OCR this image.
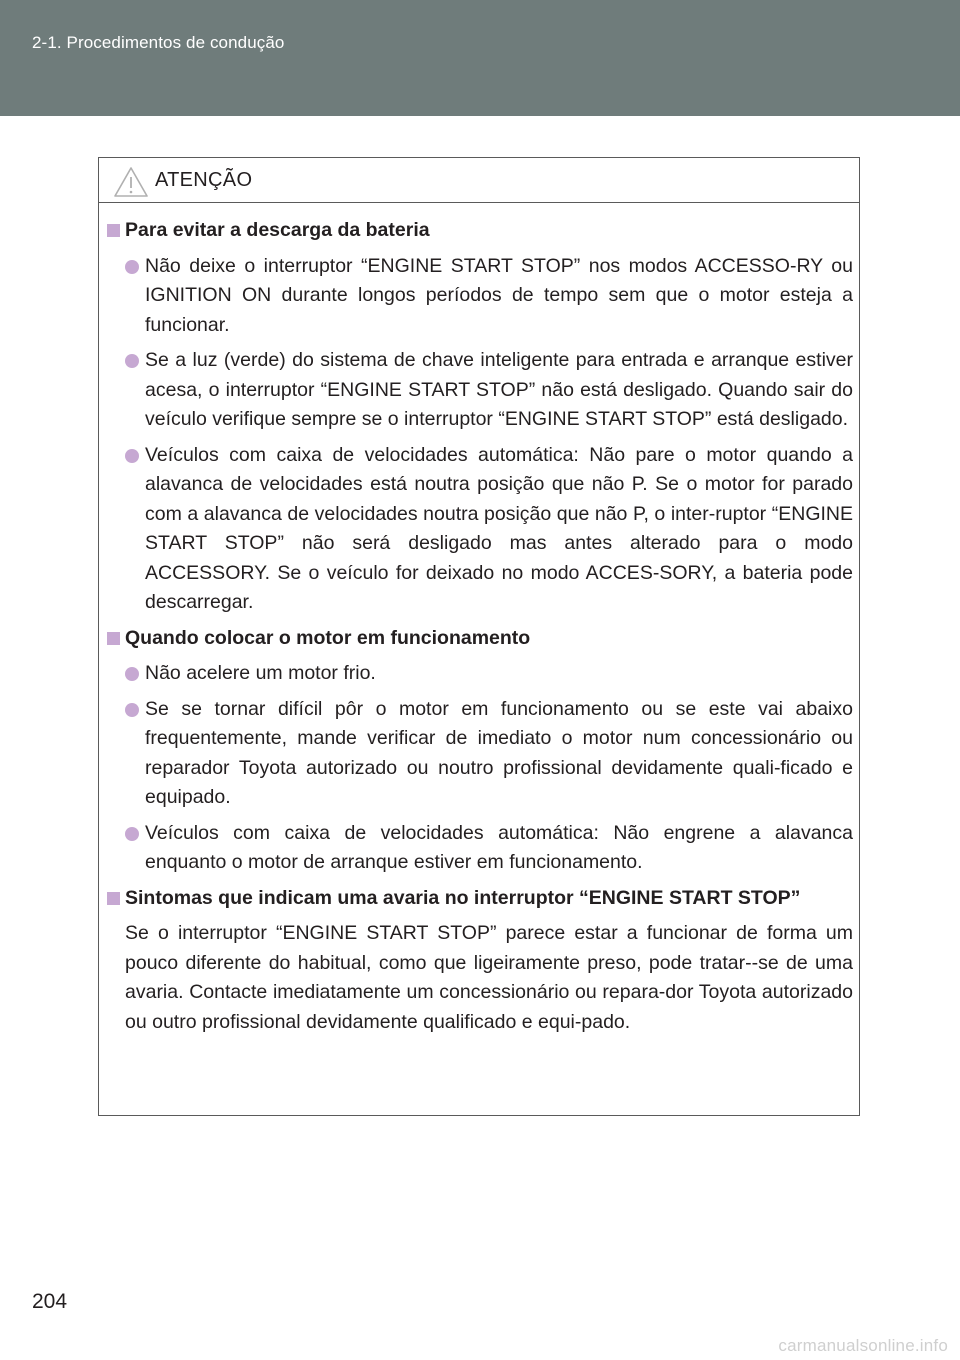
2-1. Procedimentos de condução
ATENÇÃO
Para evitar a descarga da bateria
Não deixe o interruptor “ENGINE START STOP” nos modos ACCESSO-RY ou IGNITION ON durante longos períodos de tempo sem que o motor esteja a funcionar.
Se a luz (verde) do sistema de chave inteligente para entrada e arranque estiver acesa, o interruptor “ENGINE START STOP” não está desligado. Quando sair do veículo verifique sempre se o interruptor “ENGINE START STOP” está desligado.
Veículos com caixa de velocidades automática: Não pare o motor quando a alavanca de velocidades está noutra posição que não P. Se o motor for parado com a alavanca de velocidades noutra posição que não P, o inter-ruptor “ENGINE START STOP” não será desligado mas antes alterado para o modo ACCESSORY. Se o veículo for deixado no modo ACCES-SORY, a bateria pode descarregar.
Quando colocar o motor em funcionamento
Não acelere um motor frio.
Se se tornar difícil pôr o motor em funcionamento ou se este vai abaixo frequentemente, mande verificar de imediato o motor num concessionário ou reparador Toyota autorizado ou noutro profissional devidamente quali-ficado e equipado.
Veículos com caixa de velocidades automática: Não engrene a alavanca enquanto o motor de arranque estiver em funcionamento.
Sintomas que indicam uma avaria no interruptor “ENGINE START STOP”
Se o interruptor “ENGINE START STOP” parece estar a funcionar de forma um pouco diferente do habitual, como que ligeiramente preso, pode tratar--se de uma avaria. Contacte imediatamente um concessionário ou repara-dor Toyota autorizado ou outro profissional devidamente qualificado e equi-pado.
204
carmanualsonline.info
